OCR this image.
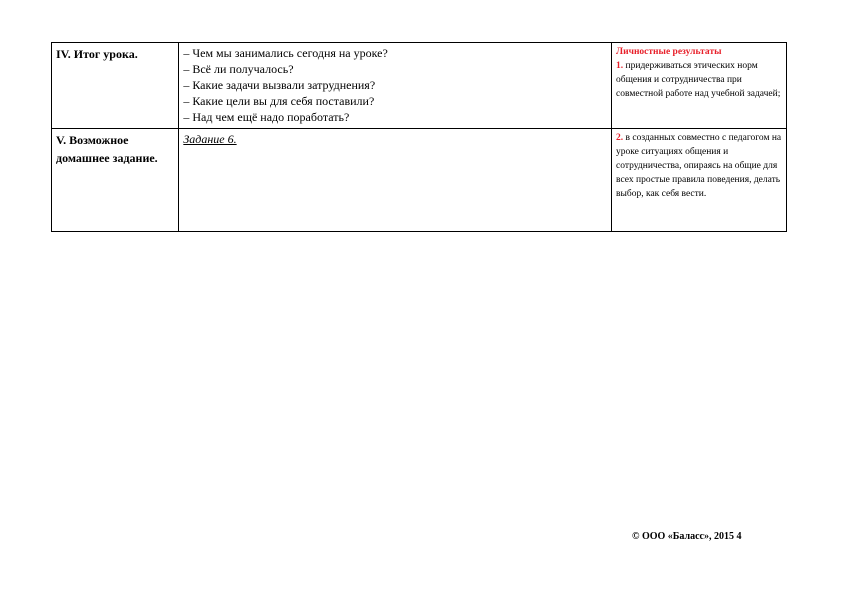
IV. Итог урока.	– Чем мы занимались сегодня на уроке?
– Всё ли получалось?
– Какие задачи вызвали затруднения?
– Какие цели вы для себя поставили?
– Над чем ещё надо поработать?	Личностные результаты
1. придерживаться этических норм общения и сотрудничества при совместной работе над учебной задачей;
V. Возможное домашнее задание.	Задание 6.	2. в созданных совместно с педагогом на уроке ситуациях общения и сотрудничества, опираясь на общие для всех простые правила поведения, делать выбор, как себя вести.
© ООО «Баласс», 2015 4
